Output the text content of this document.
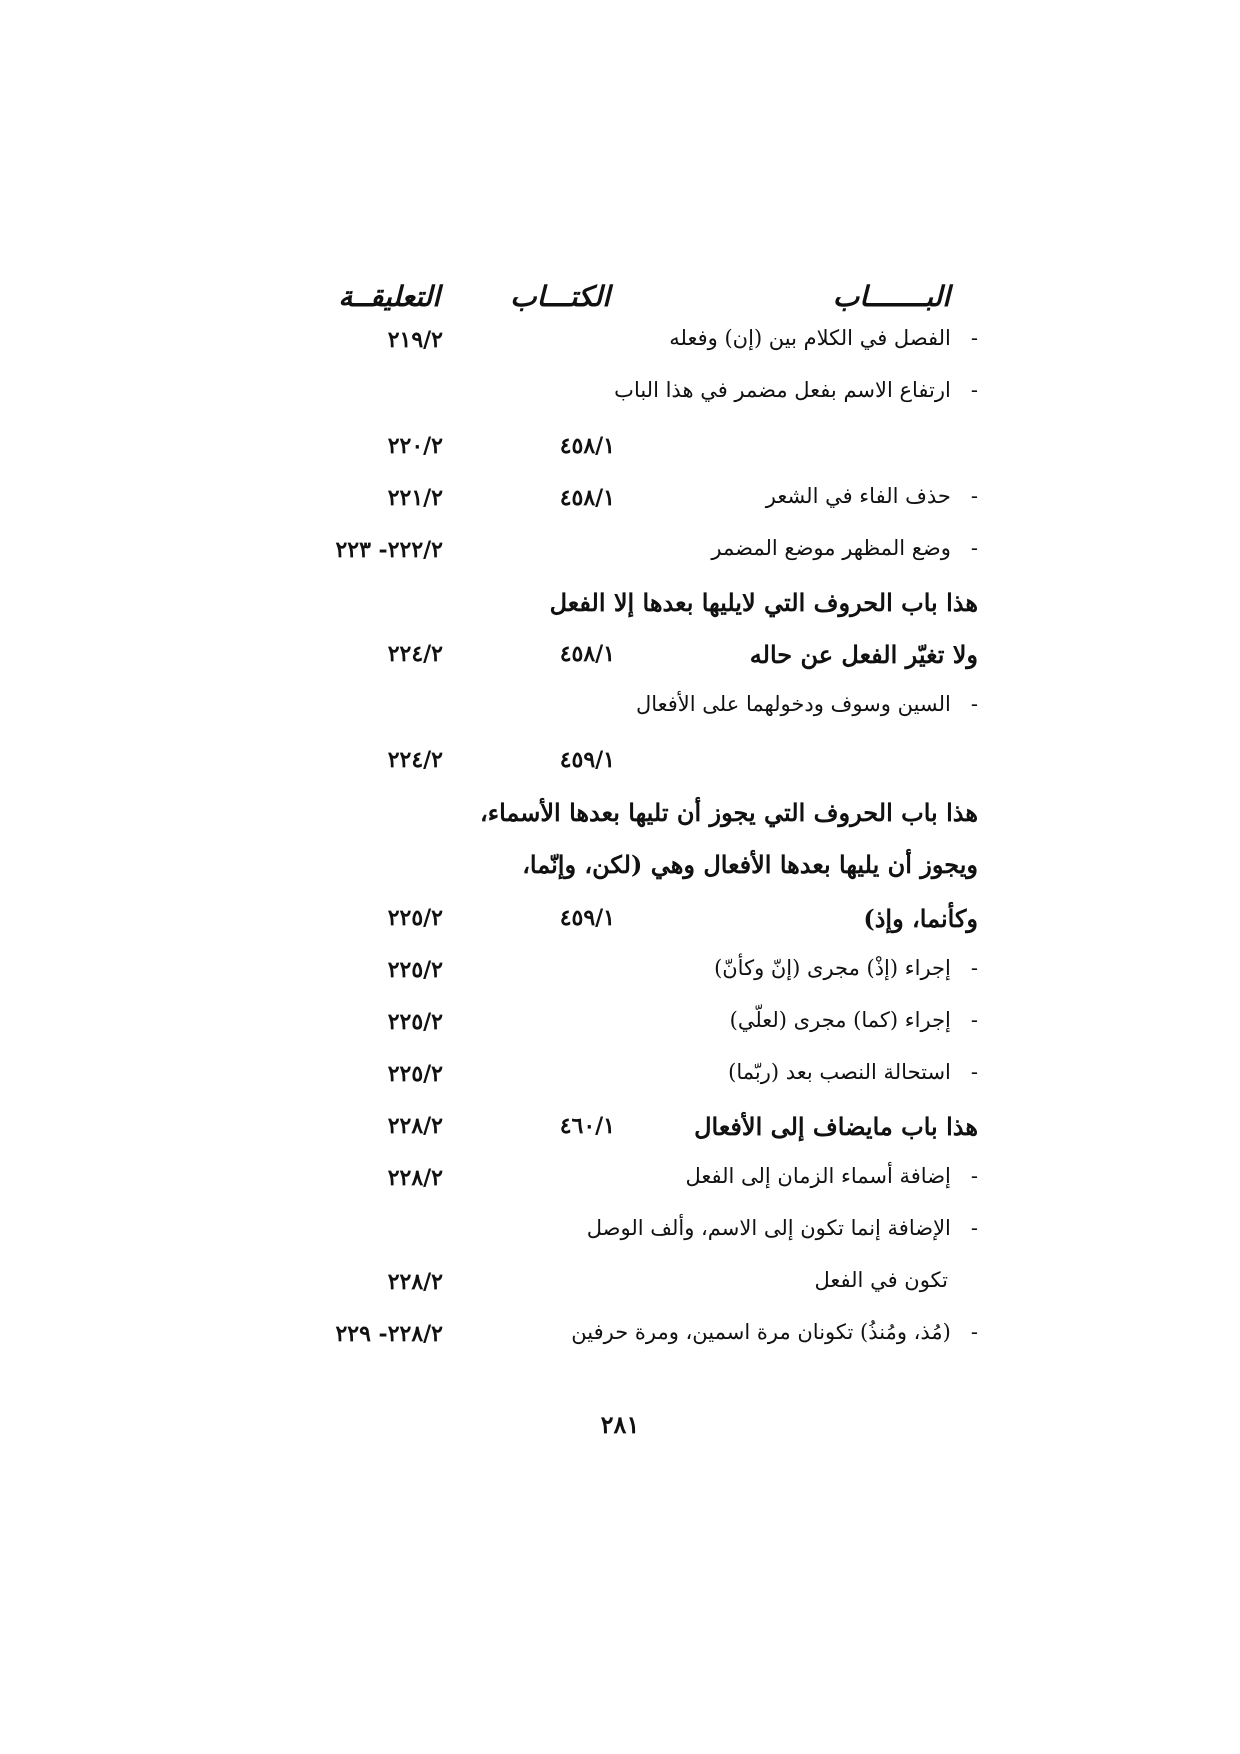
البـــــــاب
الكتـــاب
التعليقــة
-الفصل في الكلام بين (إن) وفعله
٢١٩/٢
-ارتفاع الاسم بفعل مضمر في هذا الباب
٤٥٨/١
٢٢٠/٢
-حذف الفاء في الشعر
٤٥٨/١
٢٢١/٢
-وضع المظهر موضع المضمر
٢٢٢/٢- ٢٢٣
هذا باب الحروف التي لايليها بعدها إلا الفعل
ولا تغيّر الفعل عن حاله
٤٥٨/١
٢٢٤/٢
-السين وسوف ودخولهما على الأفعال
٤٥٩/١
٢٢٤/٢
هذا باب الحروف التي يجوز أن تليها بعدها الأسماء،
ويجوز أن يليها بعدها الأفعال وهي (لكن، وإنّما،
وكأنما، وإذ)
٤٥٩/١
٢٢٥/٢
-إجراء (إذْ) مجرى (إنّ وكأنّ)
٢٢٥/٢
-إجراء (كما) مجرى (لعلّي)
٢٢٥/٢
-استحالة النصب بعد (ربّما)
٢٢٥/٢
هذا باب مايضاف إلى الأفعال
٤٦٠/١
٢٢٨/٢
-إضافة أسماء الزمان إلى الفعل
٢٢٨/٢
-الإضافة إنما تكون إلى الاسم، وألف الوصل
تكون في الفعل
٢٢٨/٢
-(مُذ، ومُنذُ) تكونان مرة اسمين، ومرة حرفين
٢٢٨/٢- ٢٢٩
٢٨١
